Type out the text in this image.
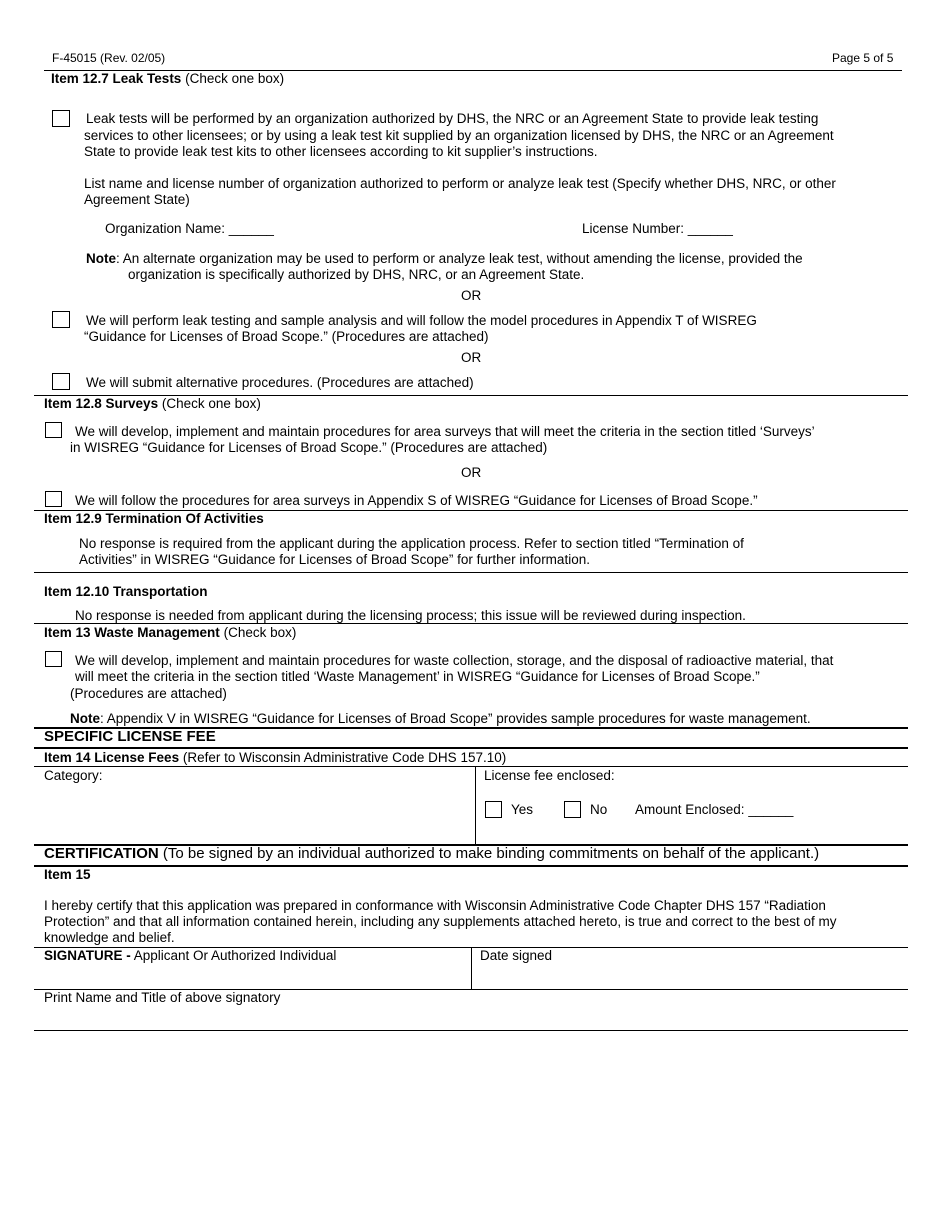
F-45015 (Rev. 02/05)	Page 5 of 5
Item 12.7 Leak Tests (Check one box)
Leak tests will be performed by an organization authorized by DHS, the NRC or an Agreement State to provide leak testing
services to other licensees; or by using a leak test kit supplied by an organization licensed by DHS, the NRC or an Agreement
State to provide leak test kits to other licensees according to kit supplier’s instructions.
List name and license number of organization authorized to perform or analyze leak test (Specify whether DHS, NRC, or other
Agreement State)
Organization Name: ______	License Number: ______
Note: An alternate organization may be used to perform or analyze leak test, without amending the license, provided the
organization is specifically authorized by DHS, NRC, or an Agreement State.
OR
We will perform leak testing and sample analysis and will follow the model procedures in Appendix T of WISREG
“Guidance for Licenses of Broad Scope.” (Procedures are attached)
OR
We will submit alternative procedures. (Procedures are attached)
Item 12.8 Surveys (Check one box)
We will develop, implement and maintain procedures for area surveys that will meet the criteria in the section titled ‘Surveys’
in WISREG “Guidance for Licenses of Broad Scope.” (Procedures are attached)
OR
We will follow the procedures for area surveys in Appendix S of WISREG “Guidance for Licenses of Broad Scope.”
Item 12.9 Termination Of Activities
No response is required from the applicant during the application process. Refer to section titled “Termination of
Activities” in WISREG “Guidance for Licenses of Broad Scope” for further information.
Item 12.10 Transportation
No response is needed from applicant during the licensing process; this issue will be reviewed during inspection.
Item 13 Waste Management (Check box)
We will develop, implement and maintain procedures for waste collection, storage, and the disposal of radioactive material, that
will meet the criteria in the section titled ‘Waste Management’ in WISREG “Guidance for Licenses of Broad Scope.”
(Procedures are attached)
Note: Appendix V in WISREG “Guidance for Licenses of Broad Scope” provides sample procedures for waste management.
SPECIFIC LICENSE FEE
Item 14 License Fees (Refer to Wisconsin Administrative Code DHS 157.10)
Category:	License fee enclosed:
Yes	No Amount Enclosed: ______
CERTIFICATION (To be signed by an individual authorized to make binding commitments on behalf of the applicant.)
Item 15
I hereby certify that this application was prepared in conformance with Wisconsin Administrative Code Chapter DHS 157 “Radiation
Protection” and that all information contained herein, including any supplements attached hereto, is true and correct to the best of my
knowledge and belief.
SIGNATURE - Applicant Or Authorized Individual	Date signed
Print Name and Title of above signatory
